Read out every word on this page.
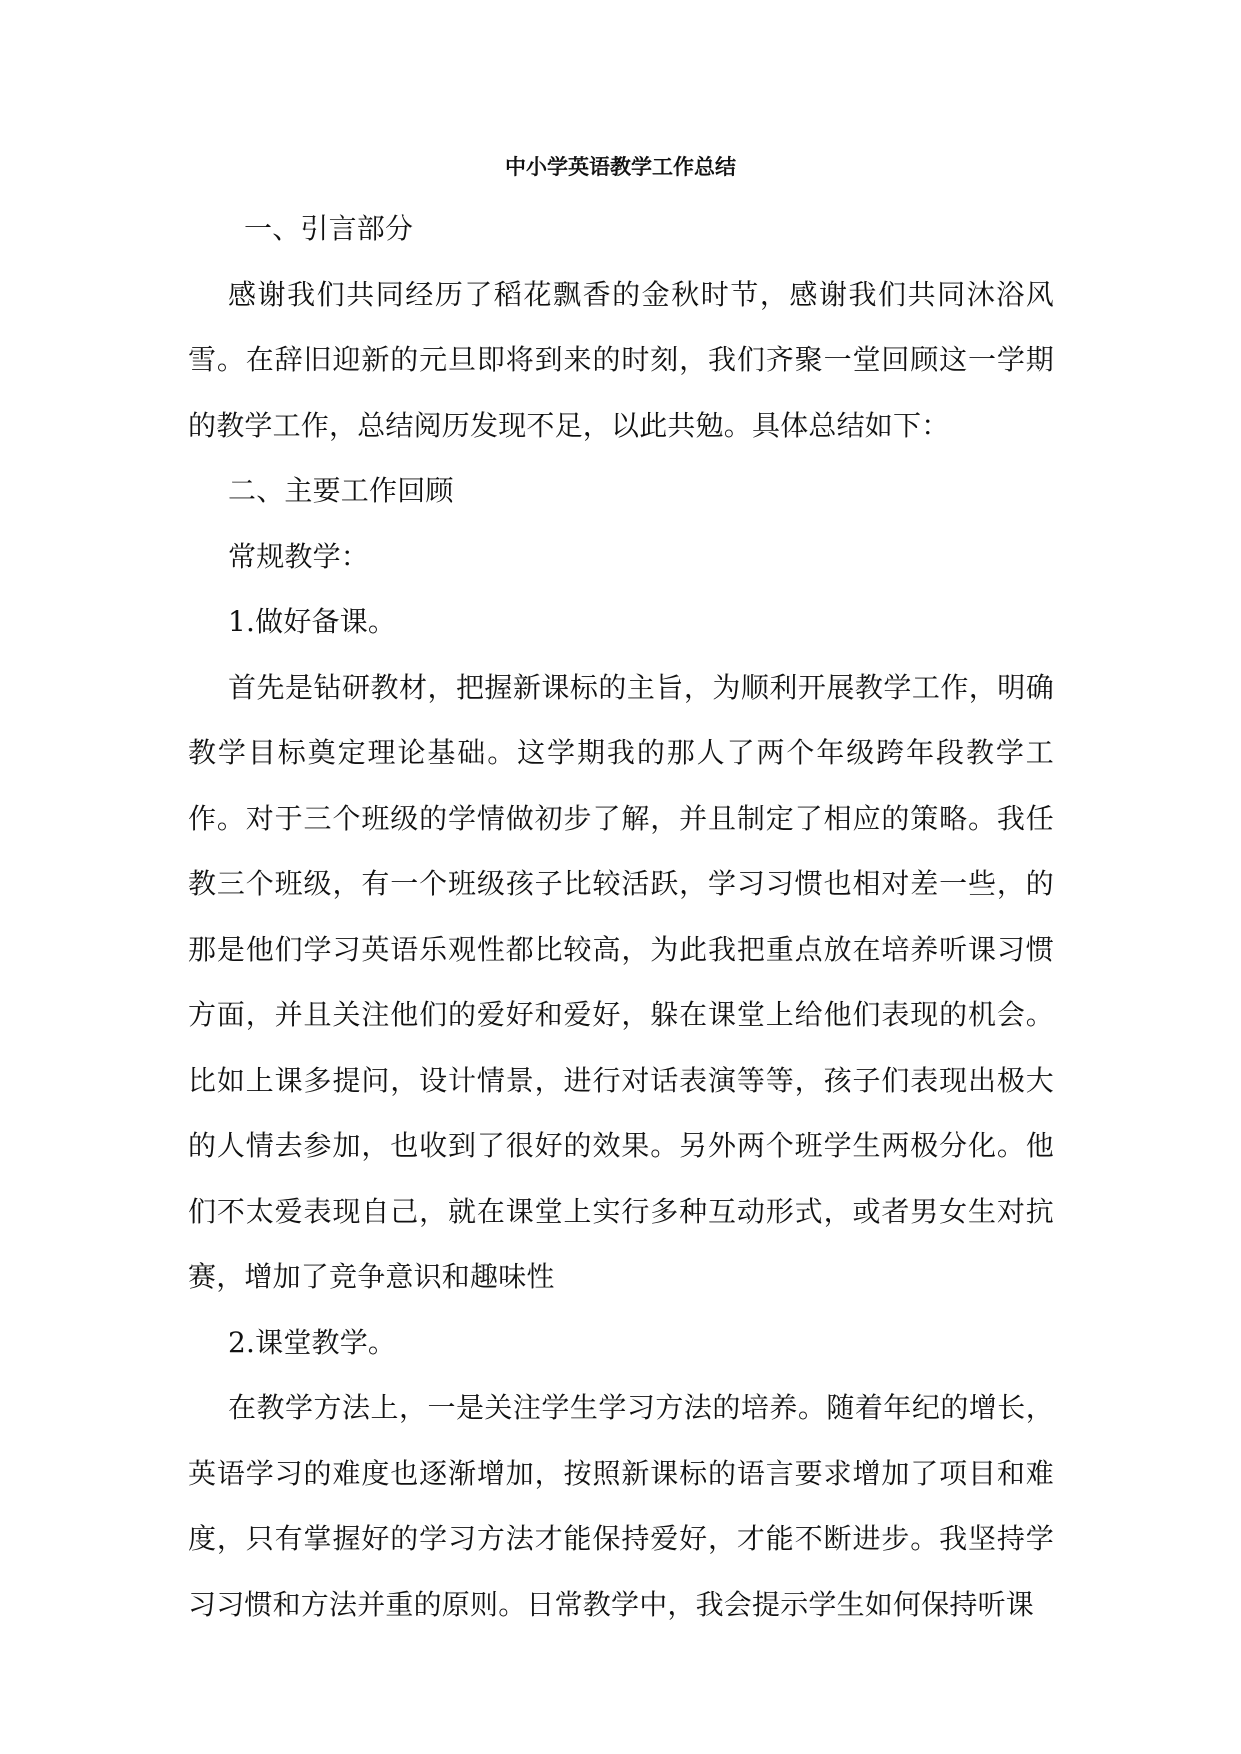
中小学英语教学工作总结

一、引言部分

感谢我们共同经历了稻花飘香的金秋时节，感谢我们共同沐浴风雪。在辞旧迎新的元旦即将到来的时刻，我们齐聚一堂回顾这一学期的教学工作，总结阅历发现不足，以此共勉。具体总结如下：

二、主要工作回顾

常规教学：

1.做好备课。

首先是钻研教材，把握新课标的主旨，为顺利开展教学工作，明确教学目标奠定理论基础。这学期我的那人了两个年级跨年段教学工作。对于三个班级的学情做初步了解，并且制定了相应的策略。我任教三个班级，有一个班级孩子比较活跃，学习习惯也相对差一些，的那是他们学习英语乐观性都比较高，为此我把重点放在培养听课习惯方面，并且关注他们的爱好和爱好，躲在课堂上给他们表现的机会。比如上课多提问，设计情景，进行对话表演等等，孩子们表现出极大的人情去参加，也收到了很好的效果。另外两个班学生两极分化。他们不太爱表现自己，就在课堂上实行多种互动形式，或者男女生对抗赛，增加了竞争意识和趣味性

2.课堂教学。

在教学方法上，一是关注学生学习方法的培养。随着年纪的增长，英语学习的难度也逐渐增加，按照新课标的语言要求增加了项目和难度，只有掌握好的学习方法才能保持爱好，才能不断进步。我坚持学习习惯和方法并重的原则。日常教学中，我会提示学生如何保持听课
